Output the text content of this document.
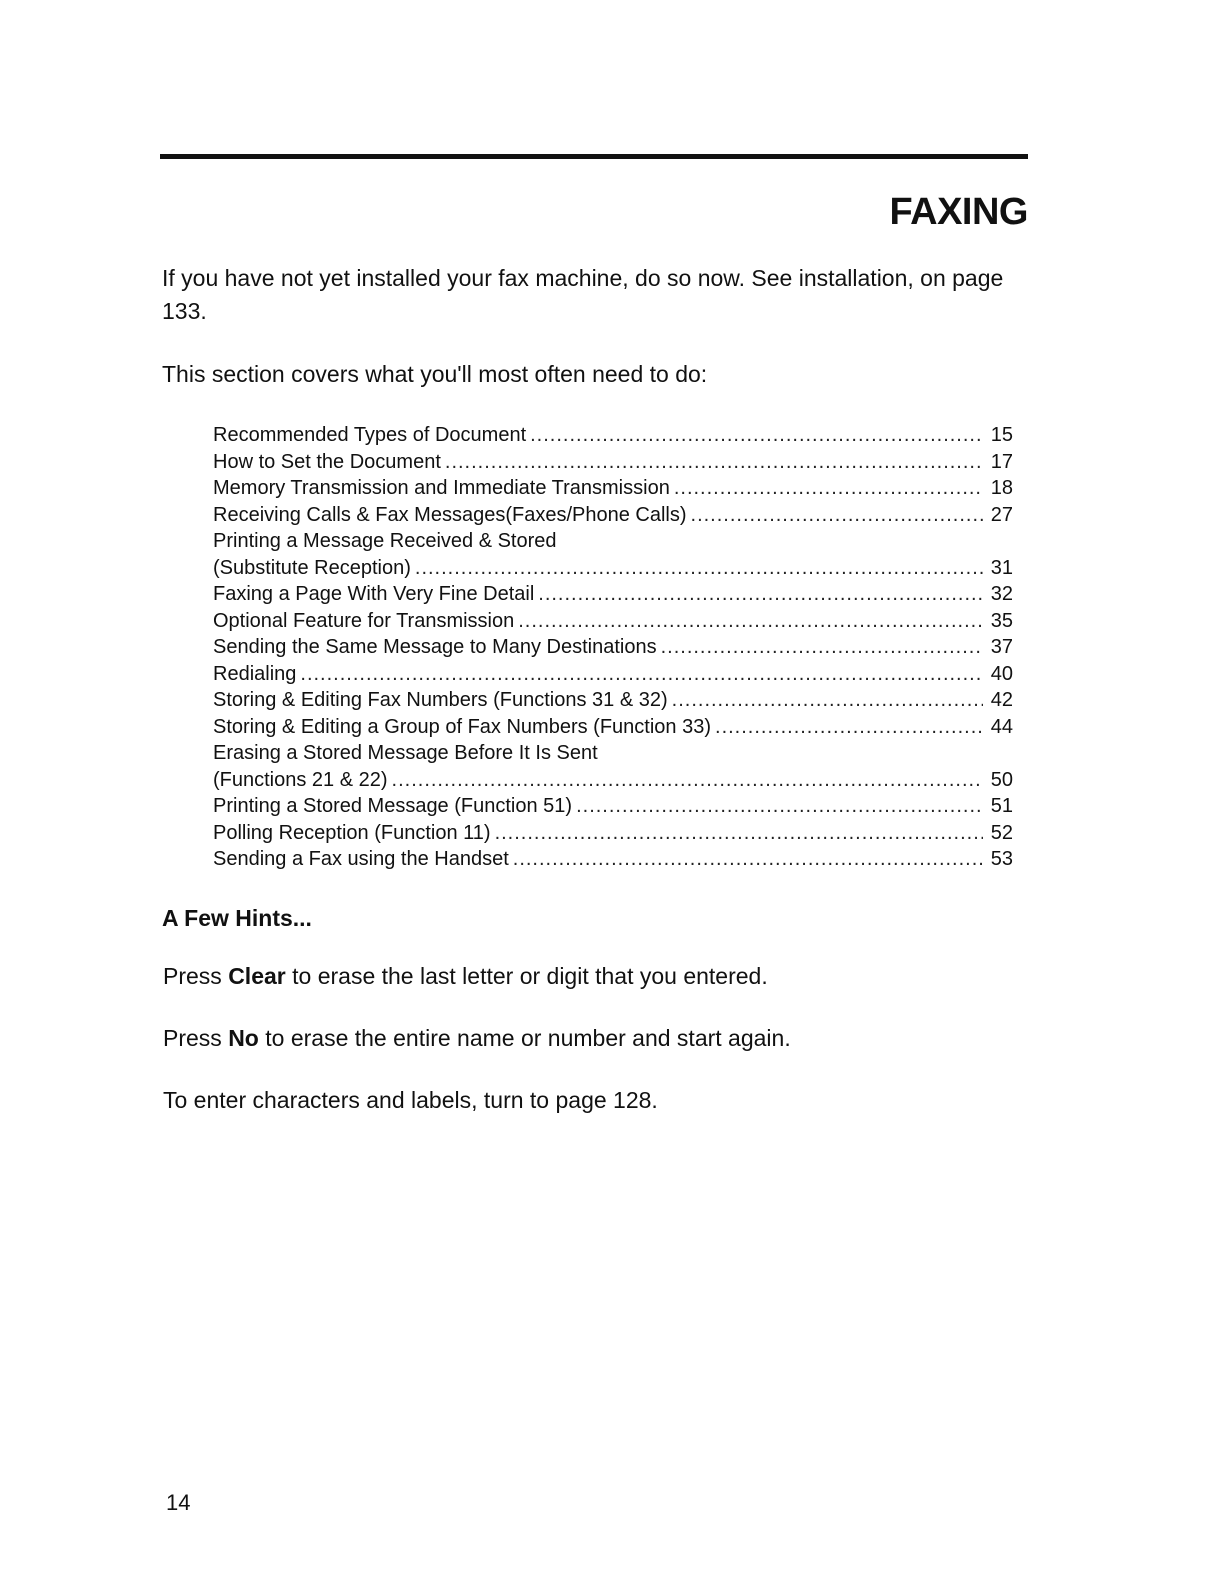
FAXING

If you have not yet installed your fax machine, do so now. See installation, on page 133.

This section covers what you'll most often need to do:

Recommended Types of Document .....	15
How to Set the Document .....	17
Memory Transmission and Immediate Transmission .....	18
Receiving Calls & Fax Messages(Faxes/Phone Calls) .....	27
Printing a Message Received & Stored
(Substitute Reception) .....	31
Faxing a Page With Very Fine Detail .....	32
Optional Feature for Transmission .....	35
Sending the Same Message to Many Destinations .....	37
Redialing .....	40
Storing & Editing Fax Numbers (Functions 31 & 32) .....	42
Storing & Editing a Group of Fax Numbers (Function 33) .....	44
Erasing a Stored Message Before It Is Sent
(Functions 21 & 22) .....	50
Printing a Stored Message (Function 51) .....	51
Polling Reception (Function 11) .....	52
Sending a Fax using the Handset .....	53
A Few Hints...

Press Clear to erase the last letter or digit that you entered.

Press No to erase the entire name or number and start again.

To enter characters and labels, turn to page 128.

14
